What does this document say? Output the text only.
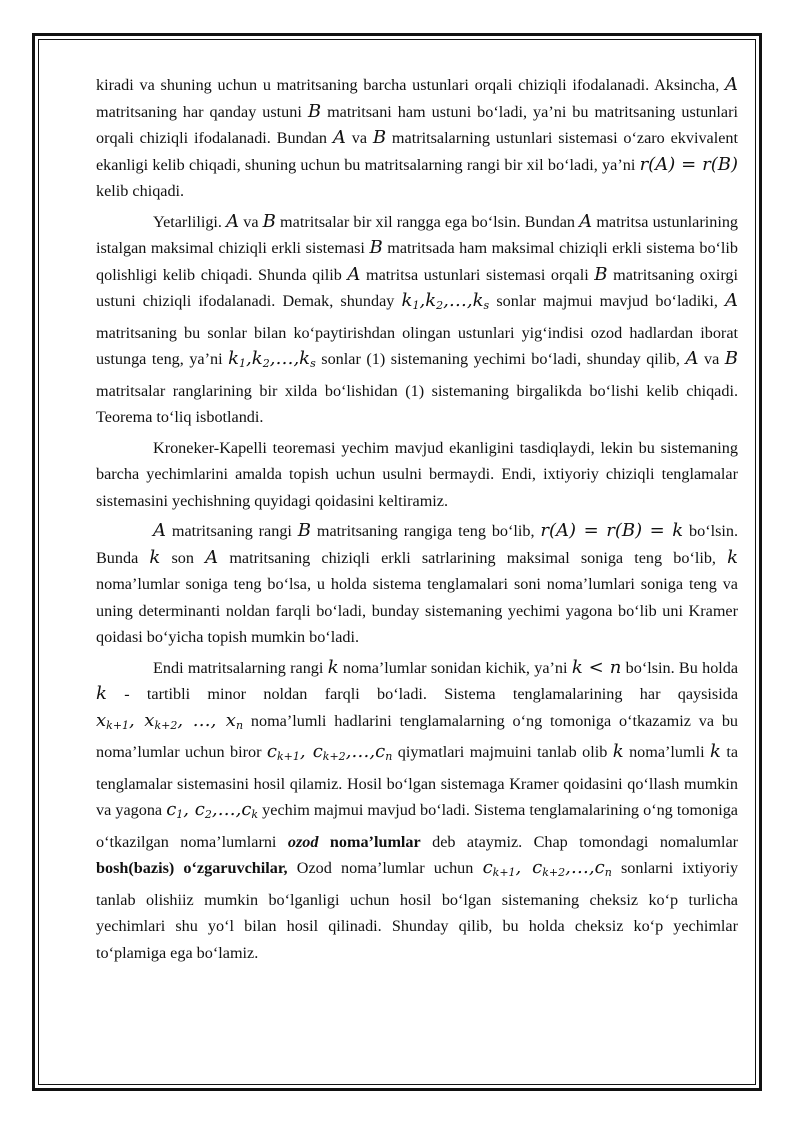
kiradi va shuning uchun u matritsaning barcha ustunlari orqali chiziqli ifodalanadi. Aksincha, A matritsaning har qanday ustuni B matritsani ham ustuni bo‘ladi, ya’ni bu matritsaning ustunlari orqali chiziqli ifodalanadi. Bundan A va B matritsalarning ustunlari sistemasi o‘zaro ekvivalent ekanligi kelib chiqadi, shuning uchun bu matritsalarning rangi bir xil bo‘ladi, ya’ni r(A) = r(B) kelib chiqadi.

Yetarliligi. A va B matritsalar bir xil rangga ega bo‘lsin. Bundan A matritsa ustunlarining istalgan maksimal chiziqli erkli sistemasi B matritsada ham maksimal chiziqli erkli sistema bo‘lib qolishligi kelib chiqadi. Shunda qilib A matritsa ustunlari sistemasi orqali B matritsaning oxirgi ustuni chiziqli ifodalanadi. Demak, shunday $k_1,k_2,\dots,k_s$ sonlar majmui mavjud bo‘ladiki, A matritsaning bu sonlar bilan ko‘paytirishdan olingan ustunlari yig‘indisi ozod hadlardan iborat ustunga teng, ya’ni $k_1,k_2,\dots,k_s$ sonlar (1) sistemaning yechimi bo‘ladi, shunday qilib, A va B matritsalar ranglarining bir xilda bo‘lishidan (1) sistemaning birgalikda bo‘lishi kelib chiqadi. Teorema to‘liq isbotlandi.

Kroneker-Kapelli teoremasi yechim mavjud ekanligini tasdiqlaydi, lekin bu sistemaning barcha yechimlarini amalda topish uchun usulni bermaydi. Endi, ixtiyoriy chiziqli tenglamalar sistemasini yechishning quyidagi qoidasini keltiramiz.

A matritsaning rangi B matritsaning rangiga teng bo‘lib, r(A) = r(B) = k bo‘lsin. Bunda k son A matritsaning chiziqli erkli satrlarining maksimal soniga teng bo‘lib, k noma’lumlar soniga teng bo‘lsa, u holda sistema tenglamalari soni noma’lumlari soniga teng va uning determinanti noldan farqli bo‘ladi, bunday sistemaning yechimi yagona bo‘lib uni Kramer qoidasi bo‘yicha topish mumkin bo‘ladi.

Endi matritsalarning rangi k noma’lumlar sonidan kichik, ya’ni k < n bo‘lsin. Bu holda k - tartibli minor noldan farqli bo‘ladi. Sistema tenglamalarining har qaysisida $x_{k+1}$, $x_{k+2}$, …, $x_n$ noma’lumli hadlarini tenglamalarning o‘ng tomoniga o‘tkazamiz va bu noma’lumlar uchun biror $c_{k+1}$, $c_{k+2},\dots,c_n$ qiymatlari majmuini tanlab olib k noma’lumli k ta tenglamalar sistemasini hosil qilamiz. Hosil bo‘lgan sistemaga Kramer qoidasini qo‘llash mumkin va yagona $c_1$, $c_2,\dots,c_k$ yechim majmui mavjud bo‘ladi. Sistema tenglamalarining o‘ng tomoniga o‘tkazilgan noma’lumlarni ozod noma’lumlar deb ataymiz. Chap tomondagi nomalumlar bosh(bazis) o‘zgaruvchilar, Ozod noma’lumlar uchun $c_{k+1}$, $c_{k+2},\dots,c_n$ sonlarni ixtiyoriy tanlab olishiiz mumkin bo‘lganligi uchun hosil bo‘lgan sistemaning cheksiz ko‘p turlicha yechimlari shu yo‘l bilan hosil qilinadi. Shunday qilib, bu holda cheksiz ko‘p yechimlar to‘plamiga ega bo‘lamiz.
